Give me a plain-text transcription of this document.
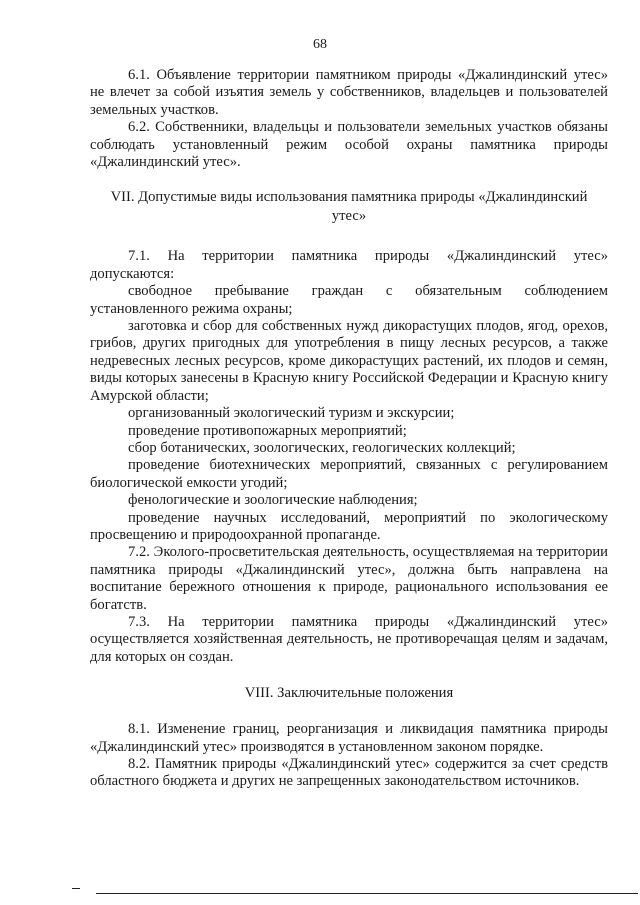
68

6.1. Объявление территории памятником природы «Джалиндинский утес» не влечет за собой изъятия земель у собственников, владельцев и пользователей земельных участков.

6.2. Собственники, владельцы и пользователи земельных участков обязаны соблюдать установленный режим особой охраны памятника природы «Джалиндинский утес».

VII. Допустимые виды использования памятника природы «Джалиндинский утес»

7.1. На территории памятника природы «Джалиндинский утес» допускаются:

свободное пребывание граждан с обязательным соблюдением установленного режима охраны;

заготовка и сбор для собственных нужд дикорастущих плодов, ягод, орехов, грибов, других пригодных для употребления в пищу лесных ресурсов, а также недревесных лесных ресурсов, кроме дикорастущих растений, их плодов и семян, виды которых занесены в Красную книгу Российской Федерации и Красную книгу Амурской области;

организованный экологический туризм и экскурсии;

проведение противопожарных мероприятий;

сбор ботанических, зоологических, геологических коллекций;

проведение биотехнических мероприятий, связанных с регулированием биологической емкости угодий;

фенологические и зоологические наблюдения;

проведение научных исследований, мероприятий по экологическому просвещению и природоохранной пропаганде.

7.2. Эколого-просветительская деятельность, осуществляемая на территории памятника природы «Джалиндинский утес», должна быть направлена на воспитание бережного отношения к природе, рационального использования ее богатств.

7.3. На территории памятника природы «Джалиндинский утес» осуществляется хозяйственная деятельность, не противоречащая целям и задачам, для которых он создан.

VIII. Заключительные положения

8.1. Изменение границ, реорганизация и ликвидация памятника природы «Джалиндинский утес» производятся в установленном законом порядке.

8.2. Памятник природы «Джалиндинский утес» содержится за счет средств областного бюджета и других не запрещенных законодательством источников.
